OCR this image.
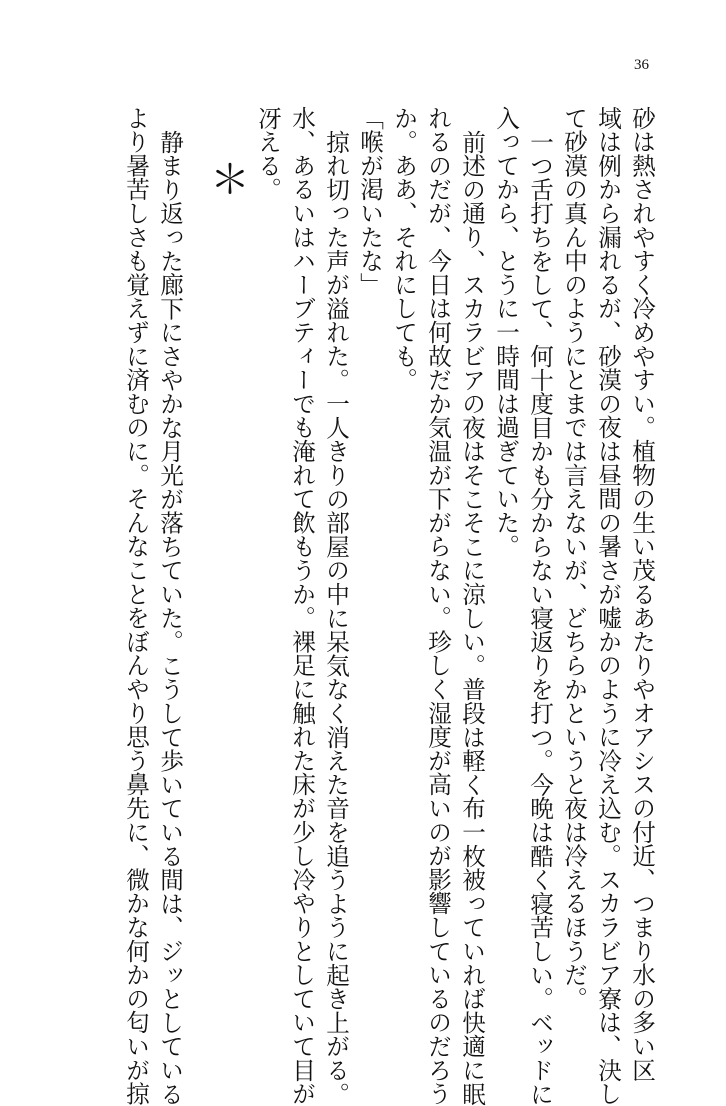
36
砂は熱されやすく冷めやすい。植物の生い茂るあたりやオアシスの付近、つまり水の多い区
域は例から漏れるが、砂漠の夜は昼間の暑さが嘘かのように冷え込む。スカラビア寮は、決し
て砂漠の真ん中のようにとまでは言えないが、どちらかというと夜は冷えるほうだ。
一つ舌打ちをして、何十度目かも分からない寝返りを打つ。今晩は酷く寝苦しい。ベッドに
入ってから、とうに一時間は過ぎていた。
前述の通り、スカラビアの夜はそこそこに涼しい。普段は軽く布一枚被っていれば快適に眠
れるのだが、今日は何故だか気温が下がらない。珍しく湿度が高いのが影響しているのだろう
か。ああ、それにしても。
「喉が渇いたな」
掠れ切った声が溢れた。一人きりの部屋の中に呆気なく消えた音を追うように起き上がる。
水、あるいはハーブティーでも淹れて飲もうか。裸足に触れた床が少し冷やりとしていて目が
冴える。
＊
静まり返った廊下にさやかな月光が落ちていた。こうして歩いている間は、ジッとしている
より暑苦しさも覚えずに済むのに。そんなことをぼんやり思う鼻先に、微かな何かの匂いが掠
